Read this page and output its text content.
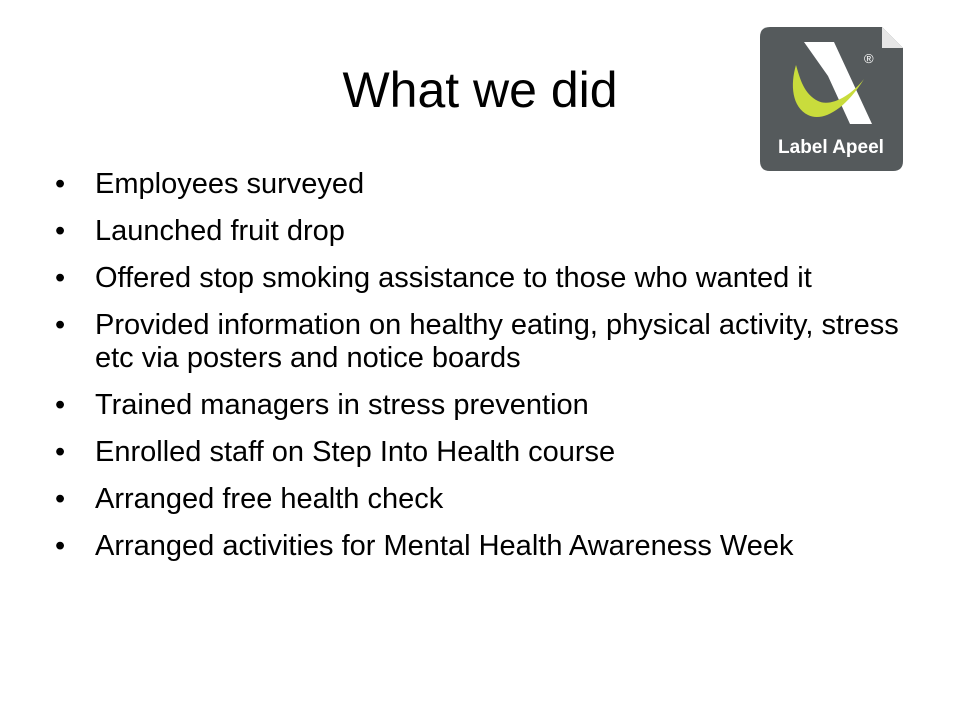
What we did
®
Label Apeel
•	Employees surveyed
•	Launched fruit drop
•	Offered stop smoking assistance to those who wanted it
•	Provided information on healthy eating, physical activity, stress etc via posters and notice boards
•	Trained managers in stress prevention
•	Enrolled staff on Step Into Health course
•	Arranged free health check
•	Arranged activities for Mental Health Awareness Week
